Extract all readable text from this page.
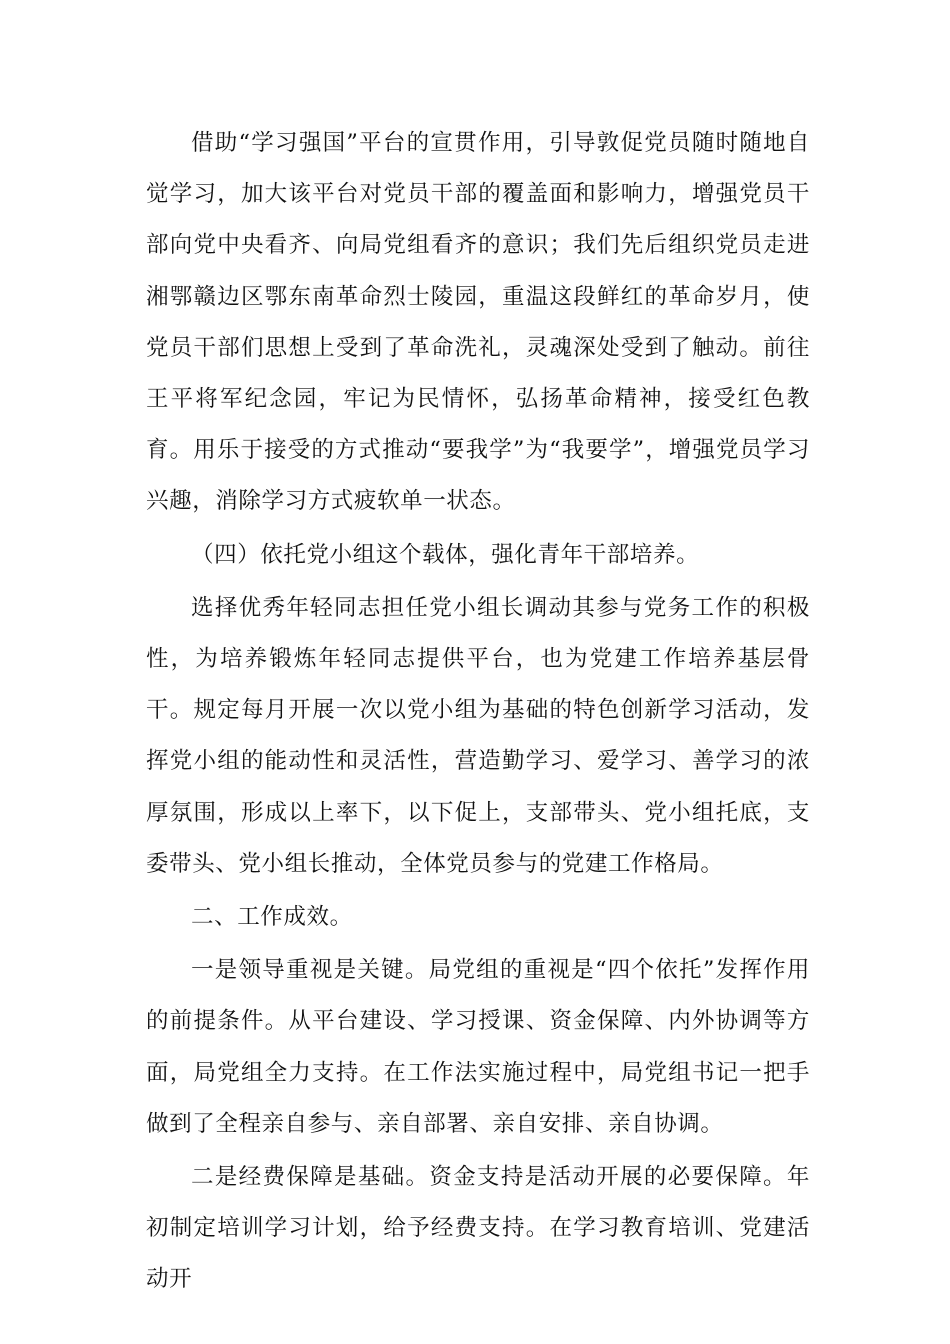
借助“学习强国”平台的宣贯作用，引导敦促党员随时随地自觉学习，加大该平台对党员干部的覆盖面和影响力，增强党员干部向党中央看齐、向局党组看齐的意识；我们先后组织党员走进湘鄂赣边区鄂东南革命烈士陵园，重温这段鲜红的革命岁月，使党员干部们思想上受到了革命洗礼，灵魂深处受到了触动。前往王平将军纪念园，牢记为民情怀，弘扬革命精神，接受红色教育。用乐于接受的方式推动“要我学”为“我要学”，增强党员学习兴趣，消除学习方式疲软单一状态。

（四）依托党小组这个载体，强化青年干部培养。

选择优秀年轻同志担任党小组长调动其参与党务工作的积极性，为培养锻炼年轻同志提供平台，也为党建工作培养基层骨干。规定每月开展一次以党小组为基础的特色创新学习活动，发挥党小组的能动性和灵活性，营造勤学习、爱学习、善学习的浓厚氛围，形成以上率下，以下促上，支部带头、党小组托底，支委带头、党小组长推动，全体党员参与的党建工作格局。

二、工作成效。

一是领导重视是关键。局党组的重视是“四个依托”发挥作用的前提条件。从平台建设、学习授课、资金保障、内外协调等方面，局党组全力支持。在工作法实施过程中，局党组书记一把手做到了全程亲自参与、亲自部署、亲自安排、亲自协调。

二是经费保障是基础。资金支持是活动开展的必要保障。年初制定培训学习计划，给予经费支持。在学习教育培训、党建活动开
